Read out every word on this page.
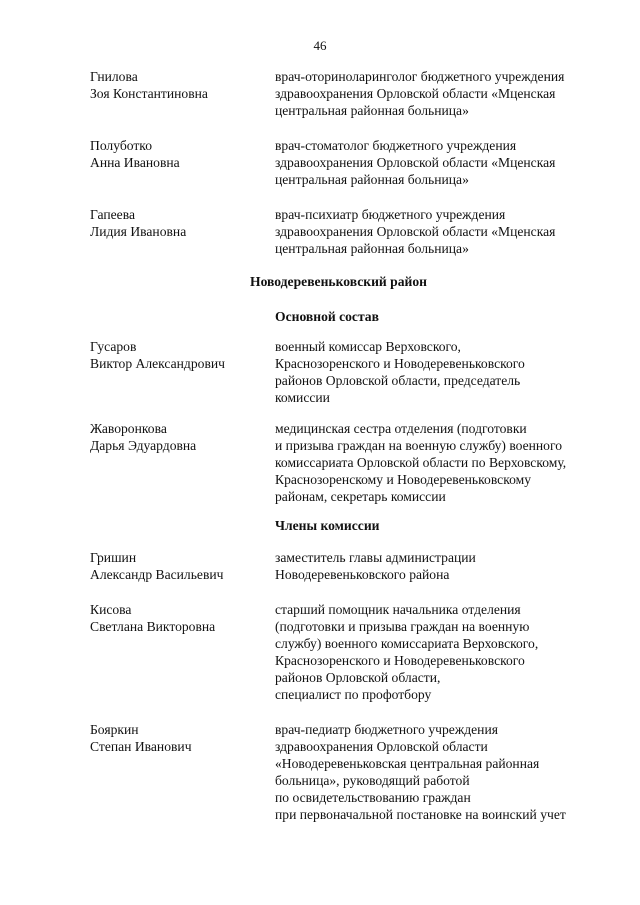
46
Гнилова
Зоя Константиновна
врач-оториноларинголог бюджетного учреждения
здравоохранения Орловской области «Мценская
центральная районная больница»
Полуботко
Анна Ивановна
врач-стоматолог бюджетного учреждения
здравоохранения Орловской области «Мценская
центральная районная больница»
Гапеева
Лидия Ивановна
врач-психиатр бюджетного учреждения
здравоохранения Орловской области «Мценская
центральная районная больница»
Новодеревеньковский район
Основной состав
Гусаров
Виктор Александрович
военный комиссар Верховского,
Краснозоренского и Новодеревеньковского
районов Орловской области, председатель
комиссии
Жаворонкова
Дарья Эдуардовна
медицинская сестра отделения (подготовки
и призыва граждан на военную службу) военного
комиссариата Орловской области по Верховскому,
Краснозоренскому и Новодеревеньковскому
районам, секретарь комиссии
Члены комиссии
Гришин
Александр Васильевич
заместитель главы администрации
Новодеревеньковского района
Кисова
Светлана Викторовна
старший помощник начальника отделения
(подготовки и призыва граждан на военную
службу) военного комиссариата Верховского,
Краснозоренского и Новодеревеньковского
районов Орловской области,
специалист по профотбору
Бояркин
Степан Иванович
врач-педиатр бюджетного учреждения
здравоохранения Орловской области
«Новодеревеньковская центральная районная
больница», руководящий работой
по освидетельствованию граждан
при первоначальной постановке на воинский учет
